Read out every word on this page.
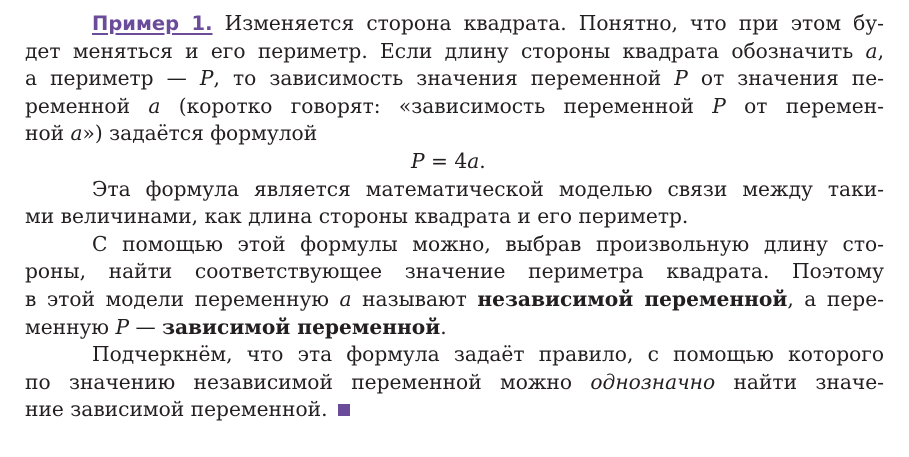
Пример 1. Изменяется сторона квадрата. Понятно, что при этом бу-
дет меняться и его периметр. Если длину стороны квадрата обозначить a,
а периметр — P, то зависимость значения переменной P от значения пе-
ременной a (коротко говорят: «зависимость переменной P от перемен-
ной a») задаётся формулой
P = 4a.
Эта формула является математической моделью связи между таки-
ми величинами, как длина стороны квадрата и его периметр.
С помощью этой формулы можно, выбрав произвольную длину сто-
роны, найти соответствующее значение периметра квадрата. Поэтому
в этой модели переменную a называют независимой переменной, а пере-
менную P — зависимой переменной.
Подчеркнём, что эта формула задаёт правило, с помощью которого
по значению независимой переменной можно однозначно найти значе-
ние зависимой переменной.
